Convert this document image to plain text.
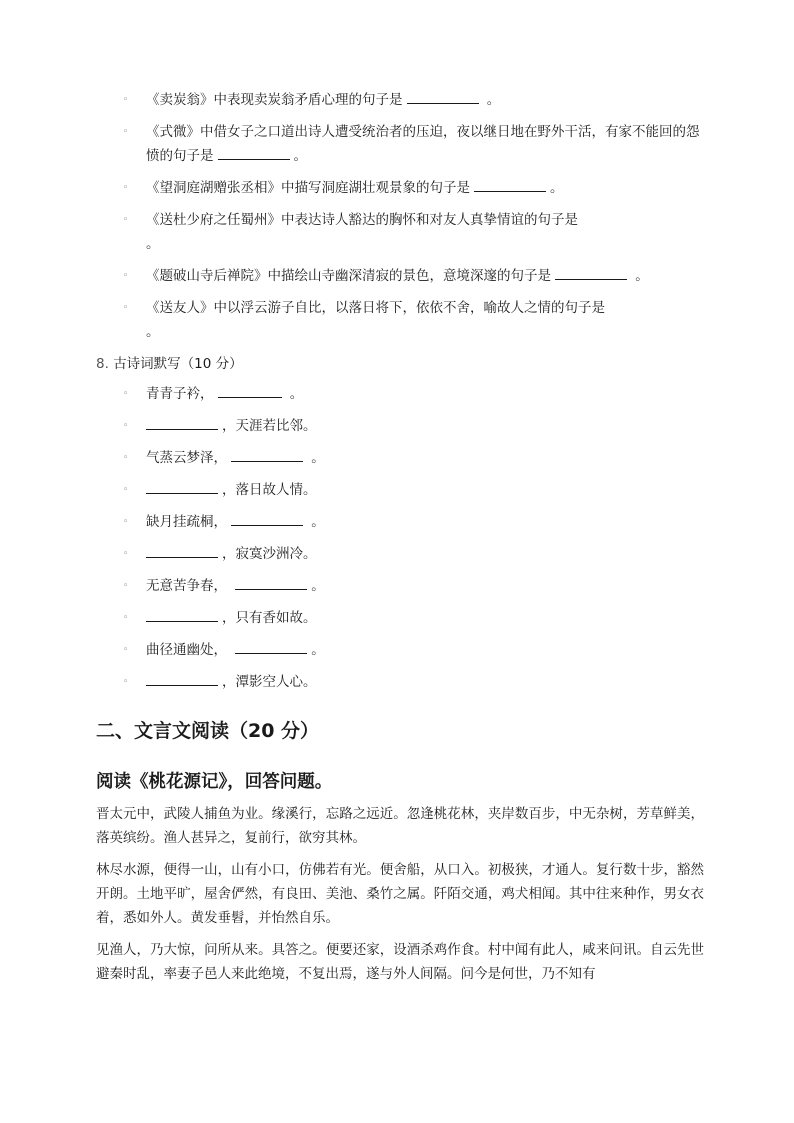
◦ 《卖炭翁》中表现卖炭翁矛盾心理的句子是	。
◦ 《式微》中借女子之口道出诗人遭受统治者的压迫，夜以继日地在野外干活，有家不能回的怨愤的句子是	。
◦ 《望洞庭湖赠张丞相》中描写洞庭湖壮观景象的句子是	。
◦ 《送杜少府之任蜀州》中表达诗人豁达的胸怀和对友人真挚情谊的句子是
。
◦ 《题破山寺后禅院》中描绘山寺幽深清寂的景色，意境深邃的句子是	。
◦ 《送友人》中以浮云游子自比，以落日将下，依依不舍，喻故人之情的句子是
。
8. 古诗词默写（10 分）
◦ 青青子衿，	。
◦	，天涯若比邻。
◦ 气蒸云梦泽，	。
◦	，落日故人情。
◦ 缺月挂疏桐，	。
◦	，寂寞沙洲冷。
◦ 无意苦争春，	。
◦	，只有香如故。
◦ 曲径通幽处，	。
◦	，潭影空人心。
二、文言文阅读（20 分）
阅读《桃花源记》，回答问题。

晋太元中，武陵人捕鱼为业。缘溪行，忘路之远近。忽逢桃花林，夹岸数百步，中无杂树，芳草鲜美，落英缤纷。渔人甚异之，复前行，欲穷其林。

林尽水源，便得一山，山有小口，仿佛若有光。便舍船，从口入。初极狭，才通人。复行数十步，豁然开朗。土地平旷，屋舍俨然，有良田、美池、桑竹之属。阡陌交通，鸡犬相闻。其中往来种作，男女衣着，悉如外人。黄发垂髫，并怡然自乐。

见渔人，乃大惊，问所从来。具答之。便要还家，设酒杀鸡作食。村中闻有此人，咸来问讯。自云先世避秦时乱，率妻子邑人来此绝境，不复出焉，遂与外人间隔。问今是何世，乃不知有
